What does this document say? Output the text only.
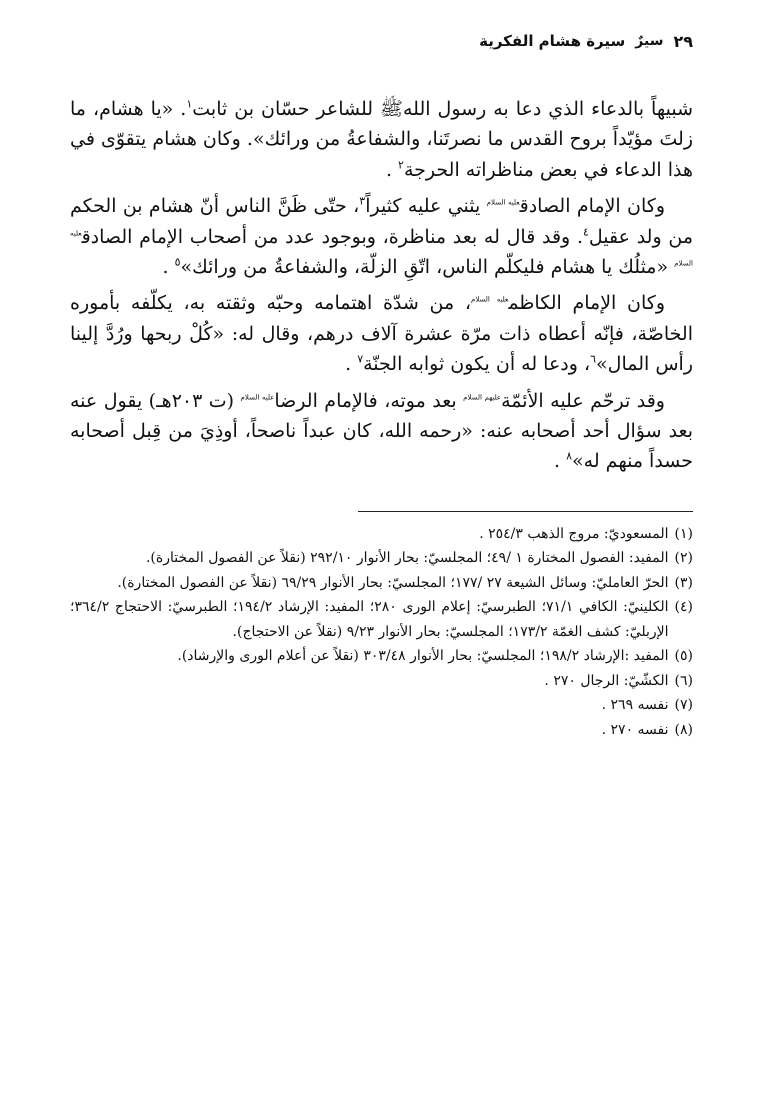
٢٩
سيرٌ
سيرة هشام الفكرية

شبيهاً بالدعاء الذي دعا به رسول اللهﷺ للشاعر حسّان بن ثابت$^١$. «يا هشام، ما زلتَ مؤيّداً بروح القدس ما نصرتَنا، والشفاعةُ من ورائك». وكان هشام يتقوّى في هذا الدعاء في بعض مناظراته الحرجة$^٢$ .

وكان الإمام الصادق$^{عليه السلام}$ يثني عليه كثيراً$^٣$، حتّى ظَنَّ الناس أنّ هشام بن الحكم من ولد عقيل$^٤$. وقد قال له بعد مناظرة، وبوجود عدد من أصحاب الإمام الصادق$^{عليه السلام}$ «مثلُك يا هشام فليكلّم الناس، اتّقِ الزلّة، والشفاعةُ من ورائك»$^٥$ .

وكان الإمام الكاظم$^{عليه السلام}$، من شدّة اهتمامه وحبّه وثقته به، يكلّفه بأموره الخاصّة، فإنّه أعطاه ذات مرّة عشرة آلاف درهم، وقال له: «كُلْ ربحها ورُدَّ إلينا رأس المال»$^٦$، ودعا له أن يكون ثوابه الجنّة$^٧$ .

وقد ترحّم عليه الأئمّة$^{عليهم السلام}$ بعد موته، فالإمام الرضا$^{عليه السلام}$ (ت ٢٠٣هـ) يقول عنه بعد سؤال أحد أصحابه عنه: «رحمه الله، كان عبداً ناصحاً، أوذِيَ من قِبل أصحابه حسداً منهم له»$^٨$ .

(١)
المسعوديّ: مروج الذهب ٢٥٤/٣ .

(٢)
المفيد: الفصول المختارة ١ /٤٩؛ المجلسيّ: بحار الأنوار ٢٩٢/١٠ (نقلاً عن الفصول المختارة).

(٣)
الحرّ العامليّ: وسائل الشيعة ٢٧ /١٧٧؛ المجلسيّ: بحار الأنوار ٦٩/٢٩ (نقلاً عن الفصول المختارة).

(٤)
الكلينيّ: الكافي ٧١/١؛ الطبرسيّ: إعلام الورى ٢٨٠؛ المفيد: الإرشاد ١٩٤/٢؛ الطبرسيّ: الاحتجاج ٣٦٤/٢؛ الإربليّ: كشف الغمّة ١٧٣/٢؛ المجلسيّ: بحار الأنوار ٩/٢٣ (نقلاً عن الاحتجاج).

(٥)
المفيد :الإرشاد ١٩٨/٢؛ المجلسيّ: بحار الأنوار ٣٠٣/٤٨ (نقلاً عن أعلام الورى والإرشاد).

(٦)
الكشّيّ: الرجال ٢٧٠ .

(٧)
نفسه ٢٦٩ .

(٨)
نفسه ٢٧٠ .
